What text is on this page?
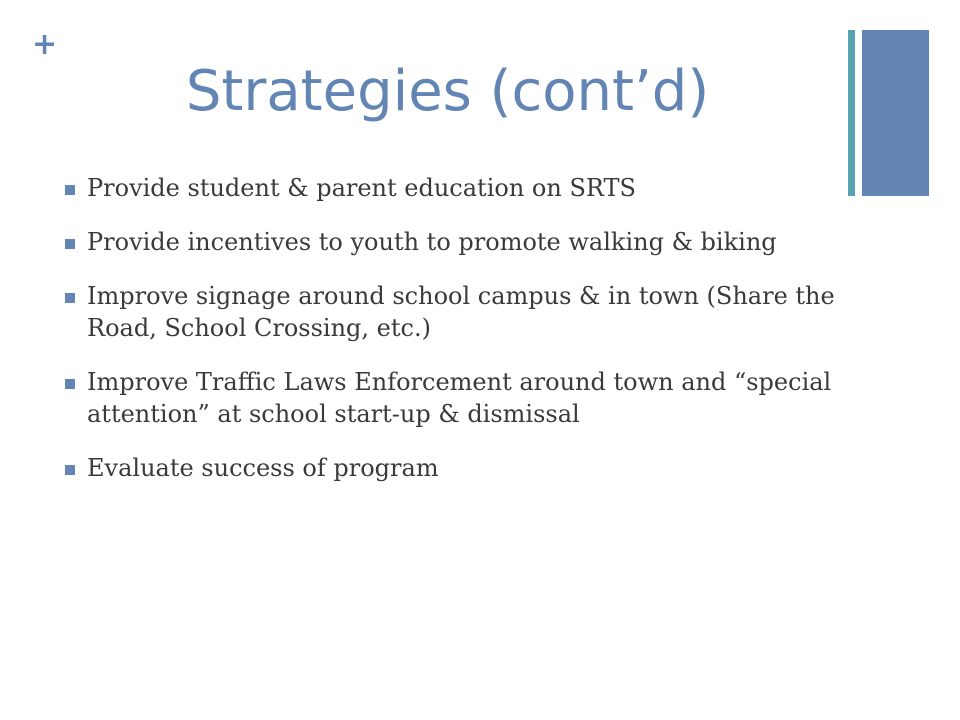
+
Strategies (cont’d)
Provide student & parent education on SRTS
Provide incentives to youth to promote walking & biking
Improve signage around school campus & in town (Share the Road, School Crossing, etc.)
Improve Traffic Laws Enforcement around town and “special attention” at school start-up & dismissal
Evaluate success of program
